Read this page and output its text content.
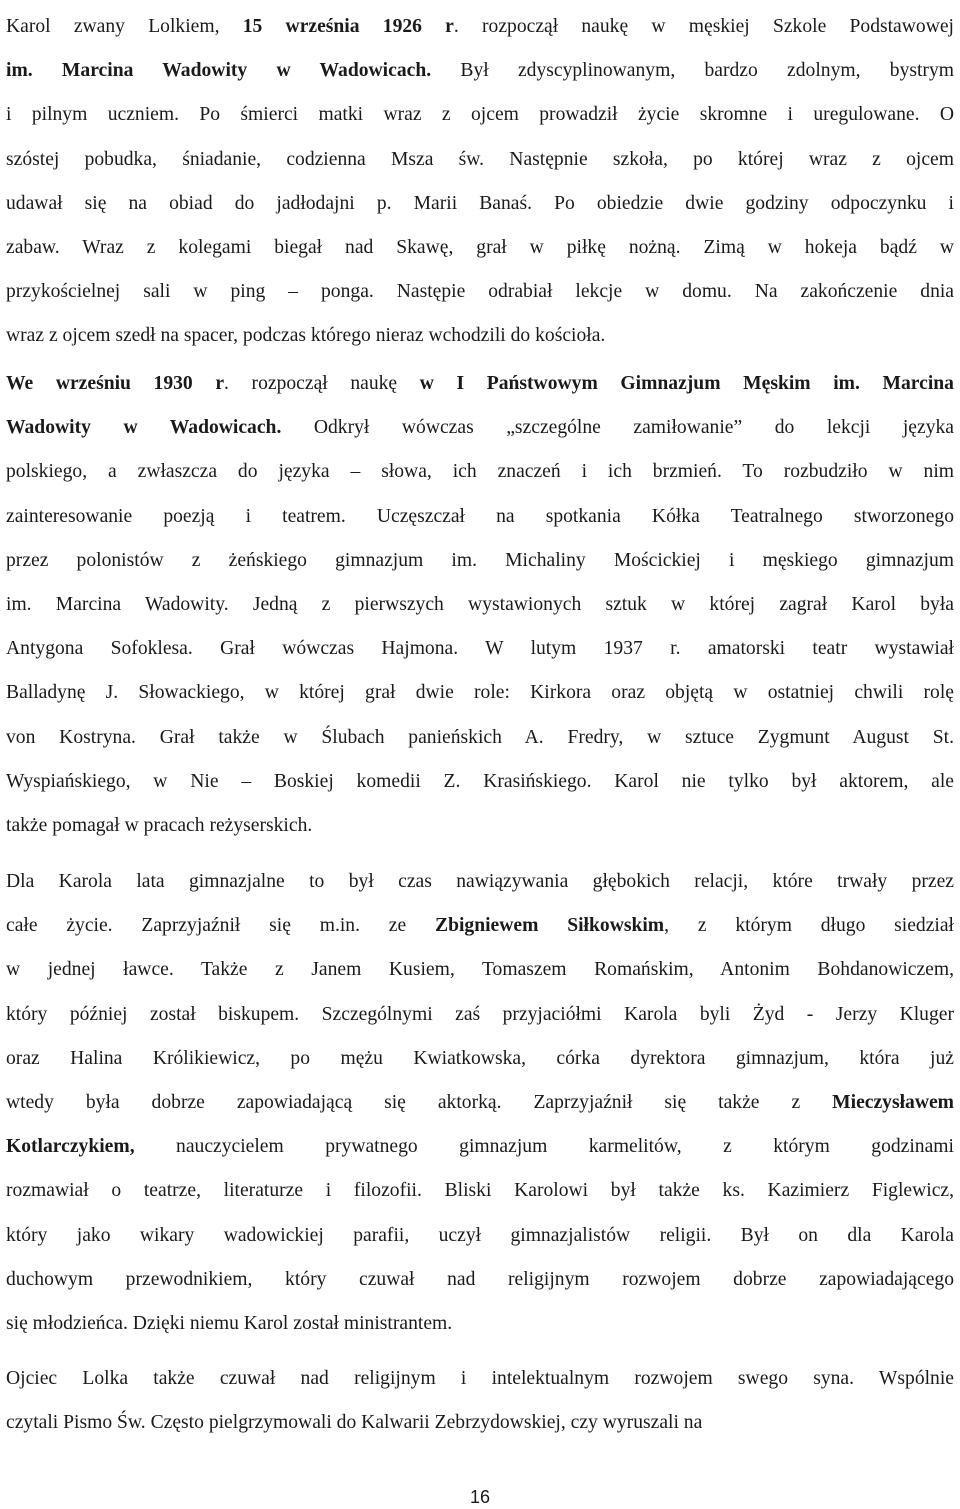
Karol zwany Lolkiem, 15 września 1926 r. rozpoczął naukę w męskiej Szkole Podstawowej
im. Marcina Wadowity w Wadowicach. Był zdyscyplinowanym, bardzo zdolnym, bystrym
i pilnym uczniem. Po śmierci matki wraz z ojcem prowadził życie skromne i uregulowane. O
szóstej pobudka, śniadanie, codzienna Msza św. Następnie szkoła, po której wraz z ojcem
udawał się na obiad do jadłodajni p. Marii Banaś. Po obiedzie dwie godziny odpoczynku i
zabaw. Wraz z kolegami biegał nad Skawę, grał w piłkę nożną. Zimą w hokeja bądź w
przykościelnej sali w ping – ponga. Następie odrabiał lekcje w domu. Na zakończenie dnia
wraz z ojcem szedł na spacer, podczas którego nieraz wchodzili do kościoła.
We wrześniu 1930 r. rozpoczął naukę w I Państwowym Gimnazjum Męskim im. Marcina
Wadowity w Wadowicach. Odkrył wówczas „szczególne zamiłowanie” do lekcji języka
polskiego, a zwłaszcza do języka – słowa, ich znaczeń i ich brzmień. To rozbudziło w nim
zainteresowanie poezją i teatrem. Uczęszczał na spotkania Kółka Teatralnego stworzonego
przez polonistów z żeńskiego gimnazjum im. Michaliny Mościckiej i męskiego gimnazjum
im. Marcina Wadowity. Jedną z pierwszych wystawionych sztuk w której zagrał Karol była
Antygona Sofoklesa. Grał wówczas Hajmona. W lutym 1937 r. amatorski teatr wystawiał
Balladynę J. Słowackiego, w której grał dwie role: Kirkora oraz objętą w ostatniej chwili rolę
von Kostryna. Grał także w Ślubach panieńskich A. Fredry, w sztuce Zygmunt August St.
Wyspiańskiego, w Nie – Boskiej komedii Z. Krasińskiego. Karol nie tylko był aktorem, ale
także pomagał w pracach reżyserskich.
Dla Karola lata gimnazjalne to był czas nawiązywania głębokich relacji, które trwały przez
całe życie. Zaprzyjaźnił się m.in. ze Zbigniewem Siłkowskim, z którym długo siedział
w jednej ławce. Także z Janem Kusiem, Tomaszem Romańskim, Antonim Bohdanowiczem,
który później został biskupem. Szczególnymi zaś przyjaciółmi Karola byli Żyd - Jerzy Kluger
oraz Halina Królikiewicz, po mężu Kwiatkowska, córka dyrektora gimnazjum, która już
wtedy była dobrze zapowiadającą się aktorką. Zaprzyjaźnił się także z Mieczysławem
Kotlarczykiem, nauczycielem prywatnego gimnazjum karmelitów, z którym godzinami
rozmawiał o teatrze, literaturze i filozofii. Bliski Karolowi był także ks. Kazimierz Figlewicz,
który jako wikary wadowickiej parafii, uczył gimnazjalistów religii. Był on dla Karola
duchowym przewodnikiem, który czuwał nad religijnym rozwojem dobrze zapowiadającego
się młodzieńca. Dzięki niemu Karol został ministrantem.
Ojciec Lolka także czuwał nad religijnym i intelektualnym rozwojem swego syna. Wspólnie
czytali Pismo Św. Często pielgrzymowali do Kalwarii Zebrzydowskiej, czy wyruszali na
16
